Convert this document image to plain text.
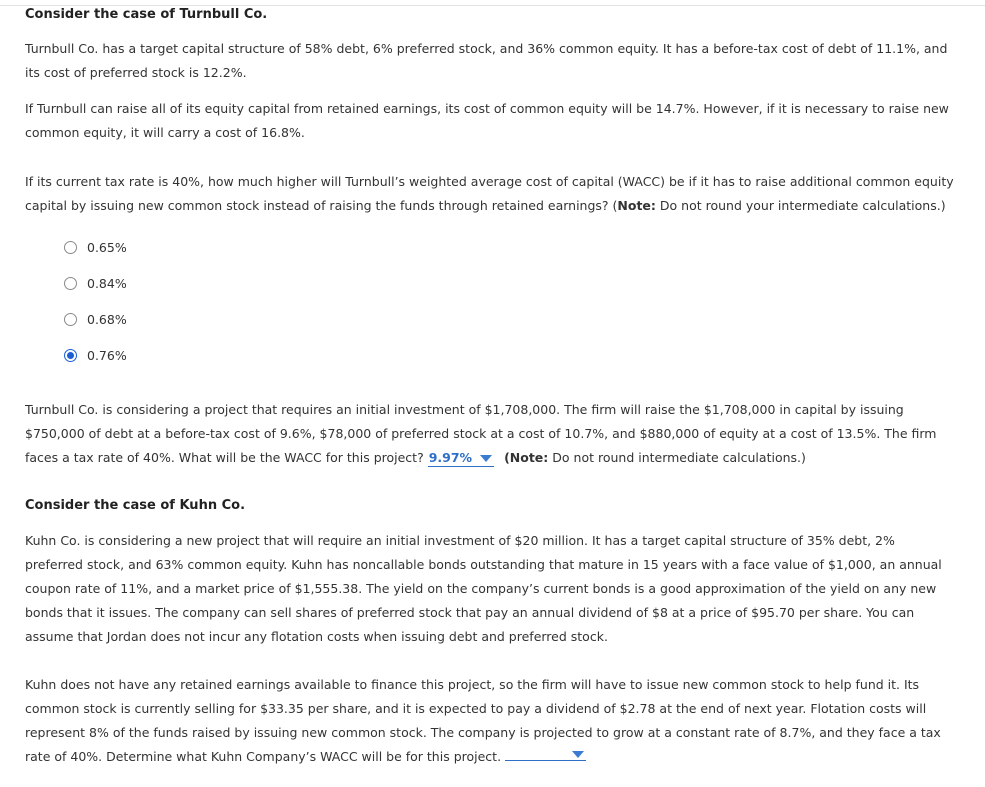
Consider the case of Turnbull Co.
Turnbull Co. has a target capital structure of 58% debt, 6% preferred stock, and 36% common equity. It has a before-tax cost of debt of 11.1%, and its cost of preferred stock is 12.2%.
If Turnbull can raise all of its equity capital from retained earnings, its cost of common equity will be 14.7%. However, if it is necessary to raise new common equity, it will carry a cost of 16.8%.
If its current tax rate is 40%, how much higher will Turnbull’s weighted average cost of capital (WACC) be if it has to raise additional common equity capital by issuing new common stock instead of raising the funds through retained earnings? (Note: Do not round your intermediate calculations.)
0.65%
0.84%
0.68%
0.76%
Turnbull Co. is considering a project that requires an initial investment of $1,708,000. The firm will raise the $1,708,000 in capital by issuing $750,000 of debt at a before-tax cost of 9.6%, $78,000 of preferred stock at a cost of 10.7%, and $880,000 of equity at a cost of 13.5%. The firm faces a tax rate of 40%. What will be the WACC for this project? 9.97%	(Note: Do not round intermediate calculations.)
Consider the case of Kuhn Co.
Kuhn Co. is considering a new project that will require an initial investment of $20 million. It has a target capital structure of 35% debt, 2% preferred stock, and 63% common equity. Kuhn has noncallable bonds outstanding that mature in 15 years with a face value of $1,000, an annual coupon rate of 11%, and a market price of $1,555.38. The yield on the company’s current bonds is a good approximation of the yield on any new bonds that it issues. The company can sell shares of preferred stock that pay an annual dividend of $8 at a price of $95.70 per share. You can assume that Jordan does not incur any flotation costs when issuing debt and preferred stock.
Kuhn does not have any retained earnings available to finance this project, so the firm will have to issue new common stock to help fund it. Its common stock is currently selling for $33.35 per share, and it is expected to pay a dividend of $2.78 at the end of next year. Flotation costs will represent 8% of the funds raised by issuing new common stock. The company is projected to grow at a constant rate of 8.7%, and they face a tax rate of 40%. Determine what Kuhn Company’s WACC will be for this project.
